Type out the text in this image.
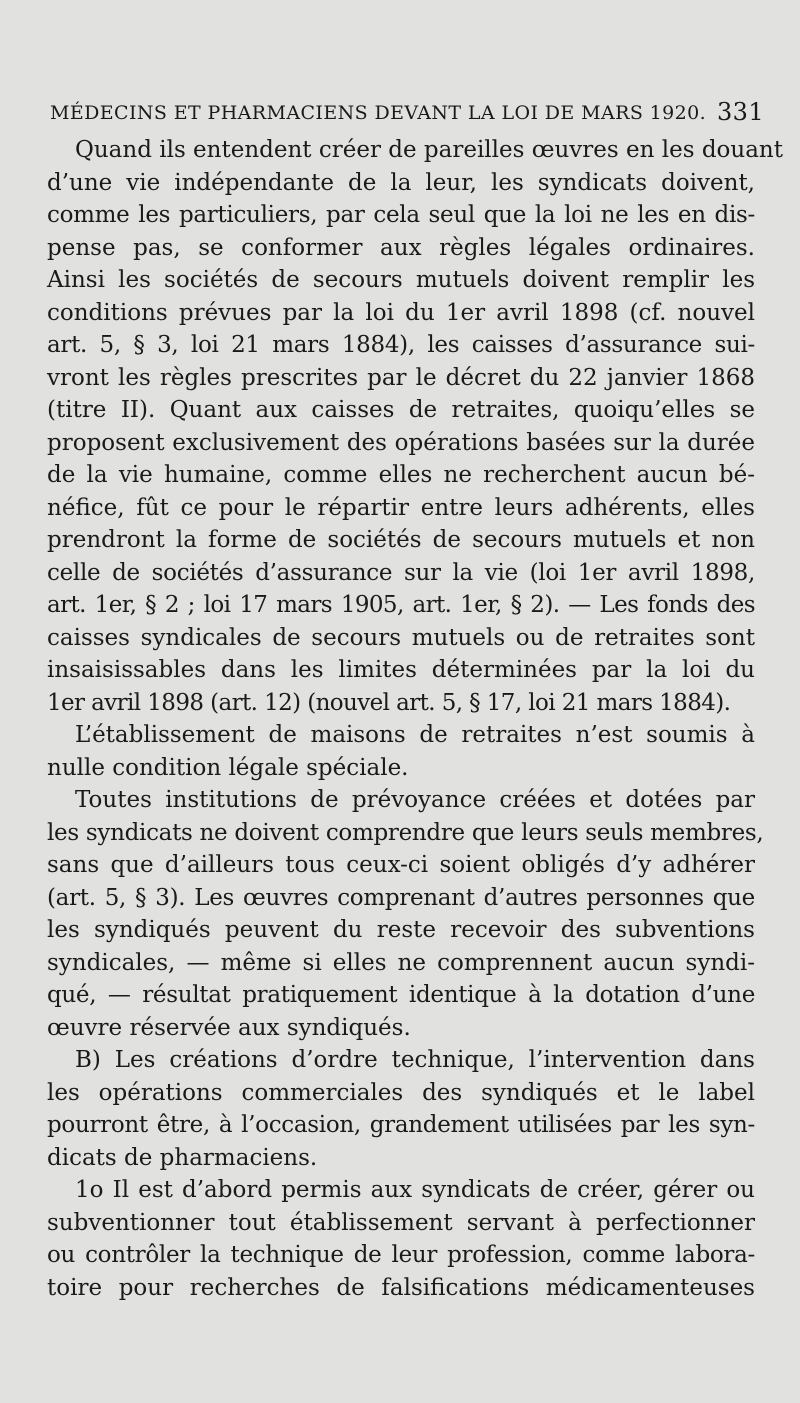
MÉDECINS ET PHARMACIENS DEVANT LA LOI DE MARS 1920. 331
Quand ils entendent créer de pareilles œuvres en les douant
d’une vie indépendante de la leur, les syndicats doivent,
comme les particuliers, par cela seul que la loi ne les en dis-
pense pas, se conformer aux règles légales ordinaires.
Ainsi les sociétés de secours mutuels doivent remplir les
conditions prévues par la loi du 1er avril 1898 (cf. nouvel
art. 5, § 3, loi 21 mars 1884), les caisses d’assurance sui-
vront les règles prescrites par le décret du 22 janvier 1868
(titre II). Quant aux caisses de retraites, quoiqu’elles se
proposent exclusivement des opérations basées sur la durée
de la vie humaine, comme elles ne recherchent aucun bé-
néfice, fût ce pour le répartir entre leurs adhérents, elles
prendront la forme de sociétés de secours mutuels et non
celle de sociétés d’assurance sur la vie (loi 1er avril 1898,
art. 1er, § 2 ; loi 17 mars 1905, art. 1er, § 2). — Les fonds des
caisses syndicales de secours mutuels ou de retraites sont
insaisissables dans les limites déterminées par la loi du
1er avril 1898 (art. 12) (nouvel art. 5, § 17, loi 21 mars 1884).
L’établissement de maisons de retraites n’est soumis à
nulle condition légale spéciale.
Toutes institutions de prévoyance créées et dotées par
les syndicats ne doivent comprendre que leurs seuls membres,
sans que d’ailleurs tous ceux-ci soient obligés d’y adhérer
(art. 5, § 3). Les œuvres comprenant d’autres personnes que
les syndiqués peuvent du reste recevoir des subventions
syndicales, — même si elles ne comprennent aucun syndi-
qué, — résultat pratiquement identique à la dotation d’une
œuvre réservée aux syndiqués.
B) Les créations d’ordre technique, l’intervention dans
les opérations commerciales des syndiqués et le label
pourront être, à l’occasion, grandement utilisées par les syn-
dicats de pharmaciens.
1o Il est d’abord permis aux syndicats de créer, gérer ou
subventionner tout établissement servant à perfectionner
ou contrôler la technique de leur profession, comme labora-
toire pour recherches de falsifications médicamenteuses
